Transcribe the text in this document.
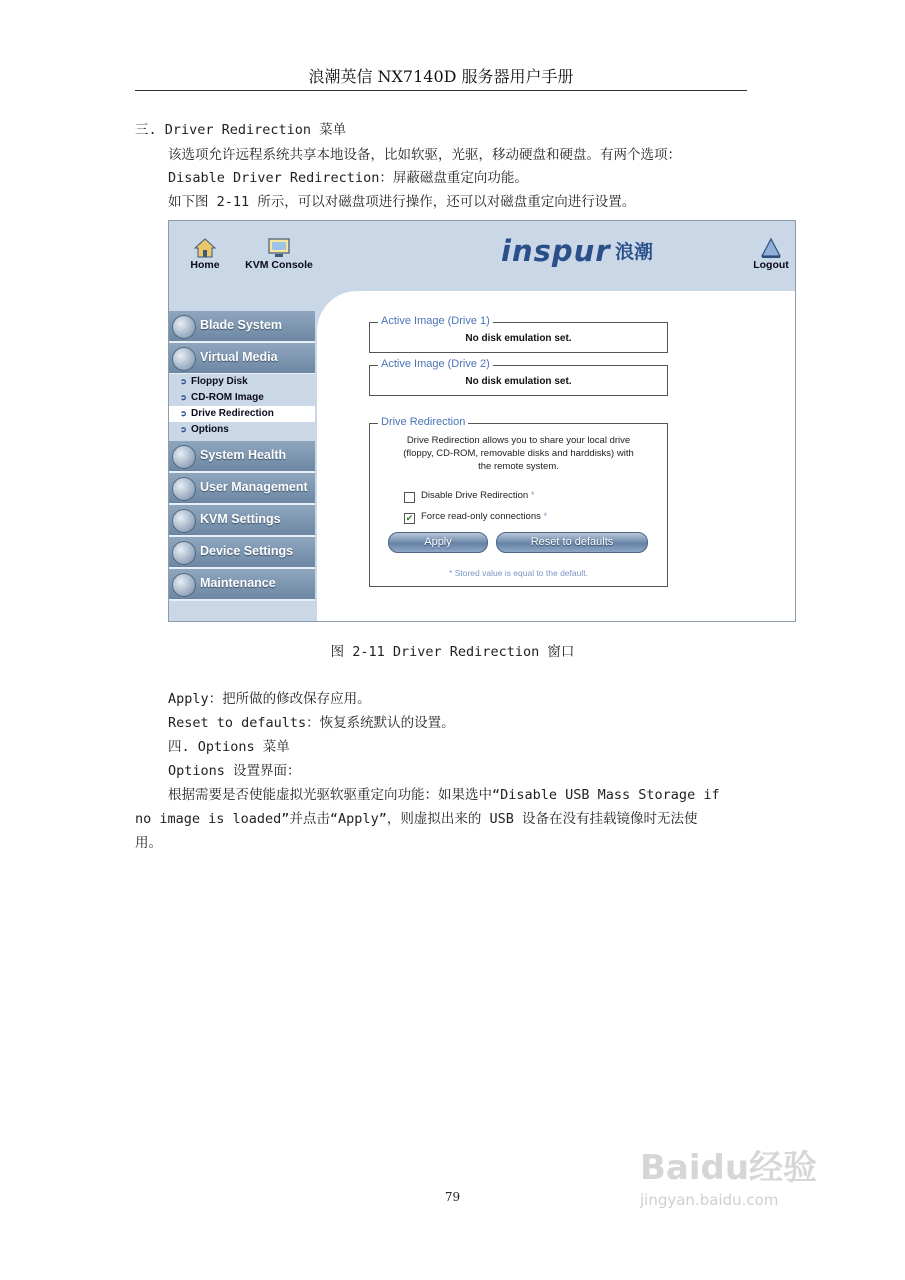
浪潮英信 NX7140D 服务器用户手册
三. Driver Redirection 菜单
该选项允许远程系统共享本地设备，比如软驱，光驱，移动硬盘和硬盘。有两个选项：
Disable Driver Redirection：屏蔽磁盘重定向功能。
如下图 2-11 所示，可以对磁盘项进行操作，还可以对磁盘重定向进行设置。
Home	KVM Console	inspur 浪潮
Logout
Blade System
Virtual Media
➲ Floppy Disk
➲ CD-ROM Image
➲ Drive Redirection
➲ Options
System Health
User Management
KVM Settings
Device Settings
Maintenance
Active Image (Drive 1)
No disk emulation set.
Active Image (Drive 2)
No disk emulation set.
Drive Redirection
Drive Redirection allows you to share your local drive
(floppy, CD-ROM, removable disks and harddisks) with
the remote system.
Disable Drive Redirection *
✔ Force read-only connections *
Apply	Reset to defaults
* Stored value is equal to the default.
图 2-11 Driver Redirection 窗口
Apply：把所做的修改保存应用。
Reset to defaults：恢复系统默认的设置。
四. Options 菜单
Options 设置界面：
根据需要是否使能虚拟光驱软驱重定向功能：如果选中“Disable USB Mass Storage if
no image is loaded”并点击“Apply”，则虚拟出来的 USB 设备在没有挂载镜像时无法使
用。
79
Baidu经验
jingyan.baidu.com
